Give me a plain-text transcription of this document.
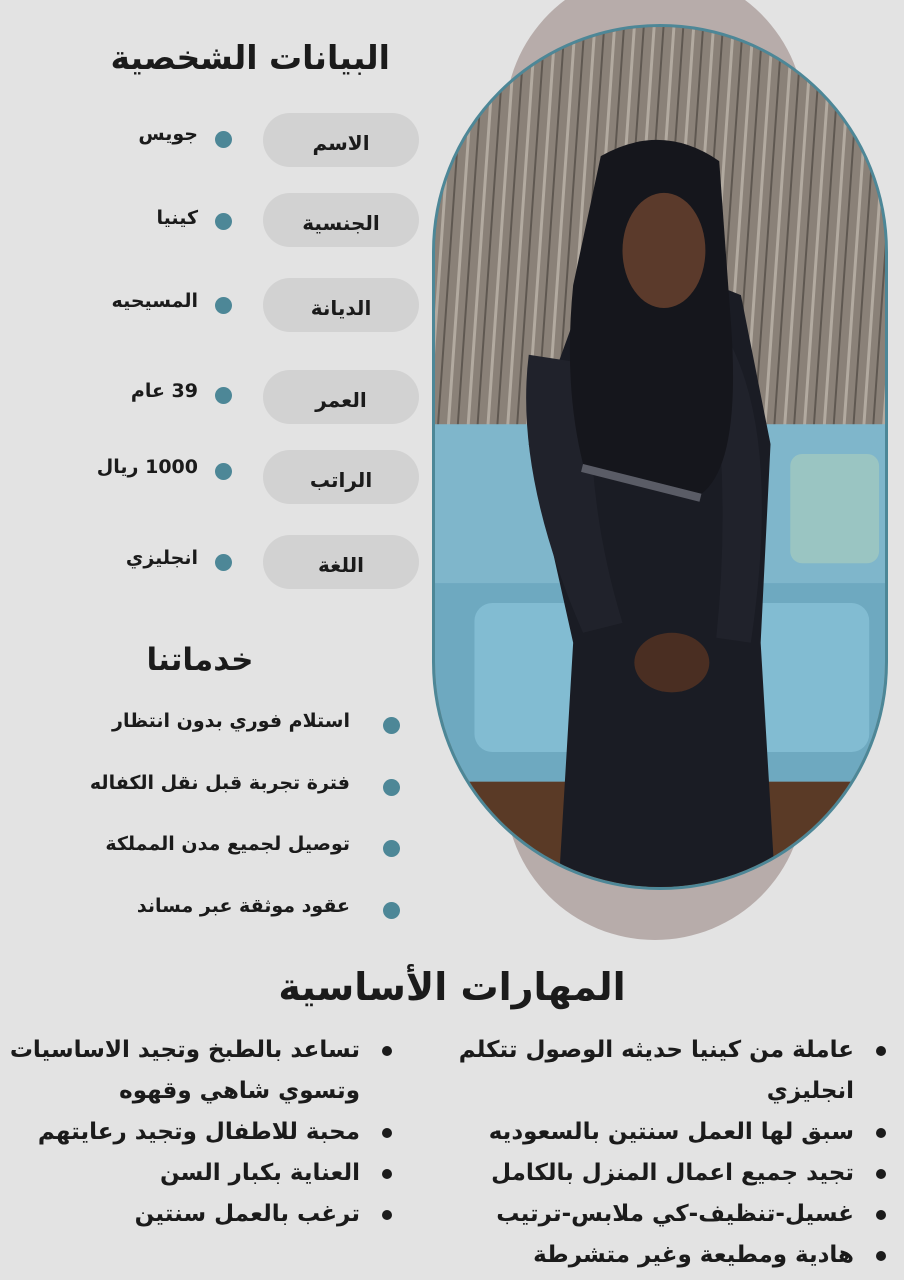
البيانات الشخصية
الاسم
جويس
الجنسية
كينيا
الديانة
المسيحيه
العمر
39 عام
الراتب
1000 ريال
اللغة
انجليزي
خدماتنا
استلام فوري بدون انتظار
فترة تجربة قبل نقل الكفاله
توصيل لجميع مدن المملكة
عقود موثقة عبر مساند
المهارات الأساسية
عاملة من كينيا حديثه الوصول تتكلم انجليزي
سبق لها العمل سنتين بالسعوديه
تجيد جميع اعمال المنزل بالكامل
غسيل-تنظيف-كي ملابس-ترتيب
هادية ومطيعة وغير متشرطة
تساعد بالطبخ وتجيد الاساسيات وتسوي شاهي وقهوه
محبة للاطفال وتجيد رعايتهم
العناية بكبار السن
ترغب بالعمل سنتين
